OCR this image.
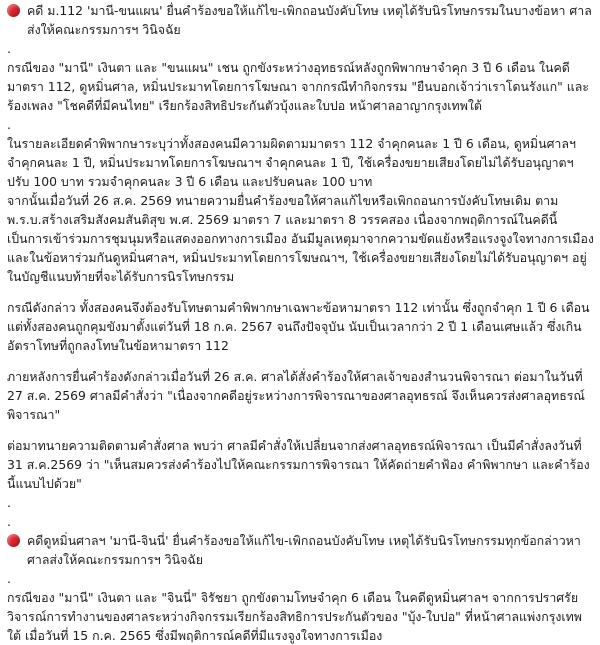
คดี ม.112 'มานี-ขนแผน' ยื่นคำร้องขอให้แก้ไข-เพิกถอนบังคับโทษ เหตุได้รับนิรโทษกรรมในบางข้อหา ศาลส่งให้คณะกรรมการฯ วินิจฉัย

.

กรณีของ "มานี" เงินตา และ "ขนแผน" เชน ถูกขังระหว่างอุทธรณ์หลังถูกพิพากษาจำคุก 3 ปี 6 เดือน ในคดีมาตรา 112, ดูหมิ่นศาล, หมิ่นประมาทโดยการโฆษณา จากกรณีทำกิจกรรม "ยืนบอกเจ้าว่าเราโดนรังแก" และร้องเพลง "โชคดีที่มีคนไทย" เรียกร้องสิทธิประกันตัวบุ้งและใบปอ หน้าศาลอาญากรุงเทพใต้

.

ในรายละเอียดคำพิพากษาระบุว่าทั้งสองคนมีความผิดตามมาตรา 112 จำคุกคนละ 1 ปี 6 เดือน, ดูหมิ่นศาลฯ จำคุกคนละ 1 ปี, หมิ่นประมาทโดยการโฆษณาฯ จำคุกคนละ 1 ปี, ใช้เครื่องขยายเสียงโดยไม่ได้รับอนุญาตฯ ปรับ 100 บาท รวมจำคุกคนละ 3 ปี 6 เดือน และปรับคนละ 100 บาท

จากนั้นเมื่อวันที่ 26 ส.ค. 2569 ทนายความยื่นคำร้องขอให้ศาลแก้ไขหรือเพิกถอนการบังคับโทษเดิม ตาม พ.ร.บ.สร้างเสริมสังคมสันติสุข พ.ศ. 2569 มาตรา 7 และมาตรา 8 วรรคสอง เนื่องจากพฤติการณ์ในคดีนี้เป็นการเข้าร่วมการชุมนุมหรือแสดงออกทางการเมือง อันมีมูลเหตุมาจากความขัดแย้งหรือแรงจูงใจทางการเมือง และในข้อหาร่วมกันดูหมิ่นศาลฯ, หมิ่นประมาทโดยการโฆษณาฯ, ใช้เครื่องขยายเสียงโดยไม่ได้รับอนุญาตฯ อยู่ในบัญชีแนบท้ายที่จะได้รับการนิรโทษกรรม

กรณีดังกล่าว ทั้งสองคนจึงต้องรับโทษตามคำพิพากษาเฉพาะข้อหามาตรา 112 เท่านั้น ซึ่งถูกจำคุก 1 ปี 6 เดือน แต่ทั้งสองคนถูกคุมขังมาตั้งแต่วันที่ 18 ก.ค. 2567 จนถึงปัจจุบัน นับเป็นเวลากว่า 2 ปี 1 เดือนเศษแล้ว ซึ่งเกินอัตราโทษที่ถูกลงโทษในข้อหามาตรา 112

ภายหลังการยื่นคำร้องดังกล่าวเมื่อวันที่ 26 ส.ค. ศาลได้สั่งคำร้องให้ศาลเจ้าของสำนวนพิจารณา ต่อมาในวันที่ 27 ส.ค. 2569 ศาลมีคำสั่งว่า "เนื่องจากคดีอยู่ระหว่างการพิจารณาของศาลอุทธรณ์ จึงเห็นควรส่งศาลอุทธรณ์พิจารณา"

ต่อมาทนายความติดตามคำสั่งศาล พบว่า ศาลมีคำสั่งให้เปลี่ยนจากส่งศาลอุทธรณ์พิจารณา เป็นมีคำสั่งลงวันที่ 31 ส.ค.2569 ว่า "เห็นสมควรส่งคำร้องไปให้คณะกรรมการพิจารณา ให้คัดถ่ายคำฟ้อง คำพิพากษา และคำร้องนี้แนบไปด้วย"

.
.

คดีดูหมิ่นศาลฯ 'มานี-จินนี่' ยื่นคำร้องขอให้แก้ไข-เพิกถอนบังคับโทษ เหตุได้รับนิรโทษกรรมทุกข้อกล่าวหา ศาลส่งให้คณะกรรมการฯ วินิจฉัย

.

กรณีของ "มานี" เงินตา และ "จินนี่" จิรัชยา ถูกขังตามโทษจำคุก 6 เดือน ในคดีดูหมิ่นศาลฯ จากการปราศรัยวิจารณ์การทำงานของศาลระหว่างกิจกรรมเรียกร้องสิทธิการประกันตัวของ "บุ้ง-ใบปอ" ที่หน้าศาลแพ่งกรุงเทพใต้ เมื่อวันที่ 15 ก.ค. 2565 ซึ่งมีพฤติการณ์คดีที่มีแรงจูงใจทางการเมือง
